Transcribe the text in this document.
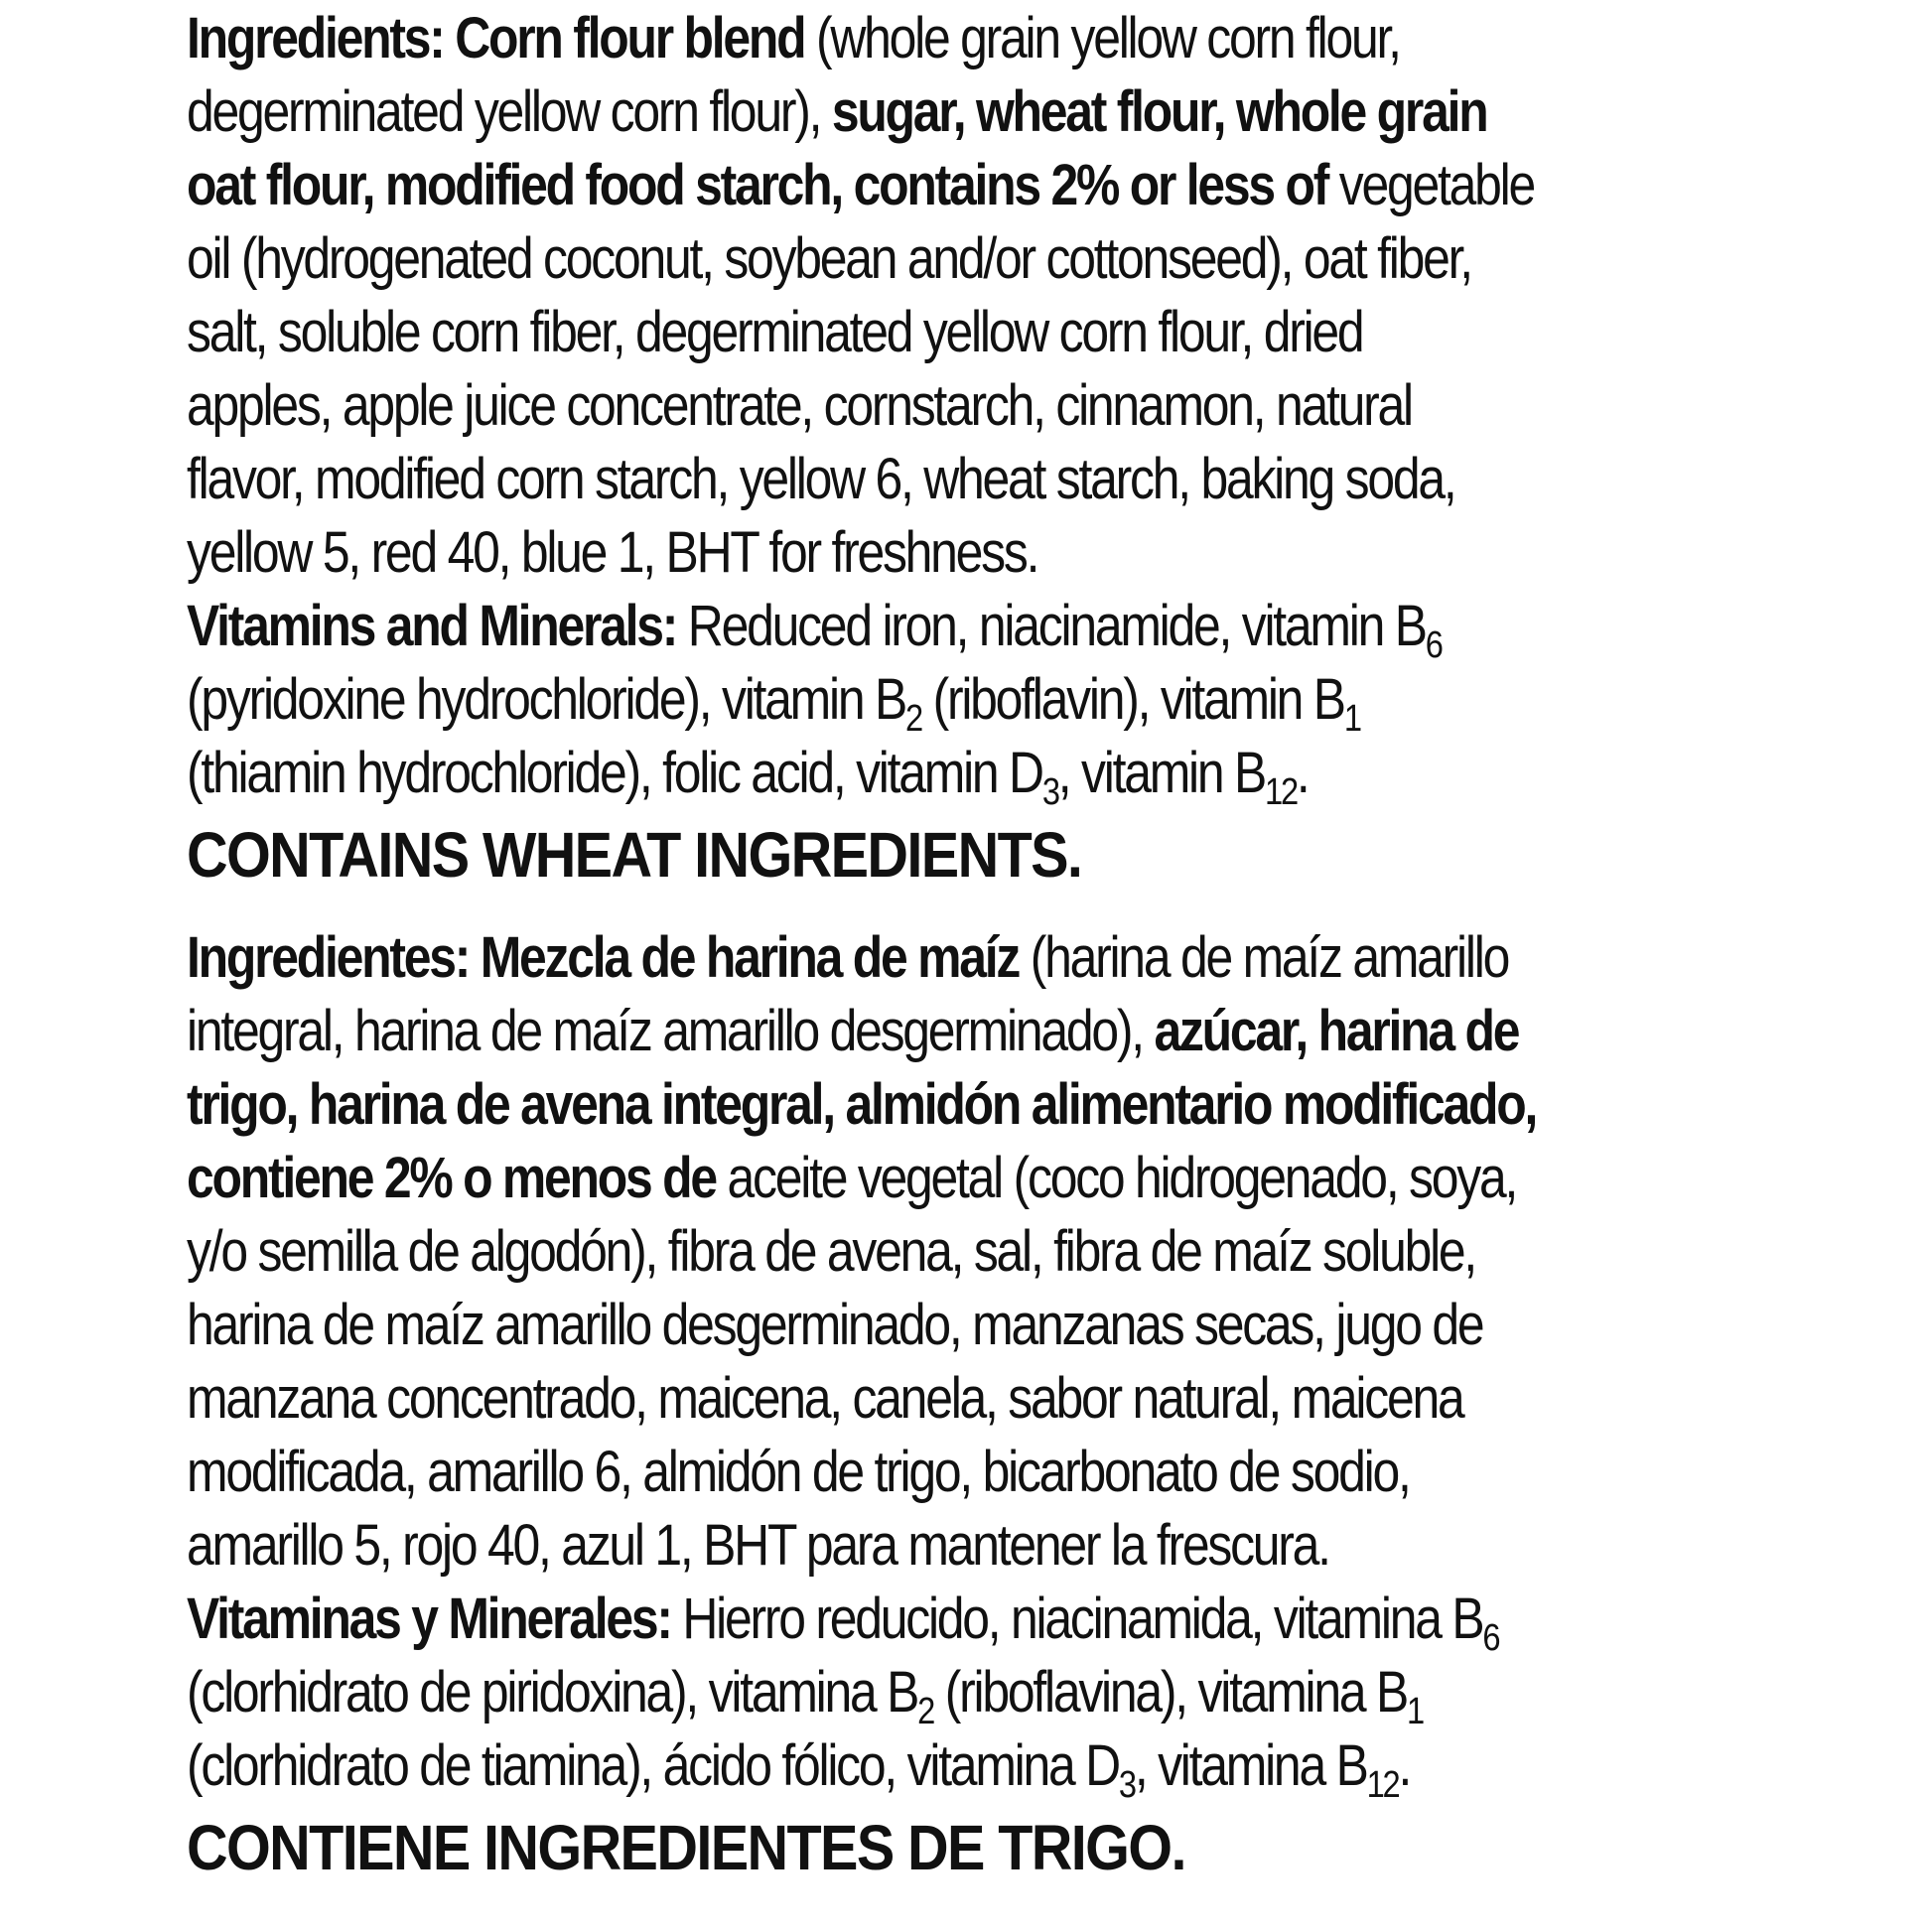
Ingredients: Corn flour blend (whole grain yellow corn flour,
degerminated yellow corn flour), sugar, wheat flour, whole grain
oat flour, modified food starch, contains 2% or less of vegetable
oil (hydrogenated coconut, soybean and/or cottonseed), oat fiber,
salt, soluble corn fiber, degerminated yellow corn flour, dried
apples, apple juice concentrate, cornstarch, cinnamon, natural
flavor, modified corn starch, yellow 6, wheat starch, baking soda,
yellow 5, red 40, blue 1, BHT for freshness.
Vitamins and Minerals: Reduced iron, niacinamide, vitamin $B_6$
(pyridoxine hydrochloride), vitamin $B_2$ (riboflavin), vitamin $B_1$
(thiamin hydrochloride), folic acid, vitamin $D_3$, vitamin $B_{12}$.
CONTAINS WHEAT INGREDIENTS.
Ingredientes: Mezcla de harina de maíz (harina de maíz amarillo
integral, harina de maíz amarillo desgerminado), azúcar, harina de
trigo, harina de avena integral, almidón alimentario modificado,
contiene 2% o menos de aceite vegetal (coco hidrogenado, soya,
y/o semilla de algodón), fibra de avena, sal, fibra de maíz soluble,
harina de maíz amarillo desgerminado, manzanas secas, jugo de
manzana concentrado, maicena, canela, sabor natural, maicena
modificada, amarillo 6, almidón de trigo, bicarbonato de sodio,
amarillo 5, rojo 40, azul 1, BHT para mantener la frescura.
Vitaminas y Minerales: Hierro reducido, niacinamida, vitamina $B_6$
(clorhidrato de piridoxina), vitamina $B_2$ (riboflavina), vitamina $B_1$
(clorhidrato de tiamina), ácido fólico, vitamina $D_3$, vitamina $B_{12}$.
CONTIENE INGREDIENTES DE TRIGO.
